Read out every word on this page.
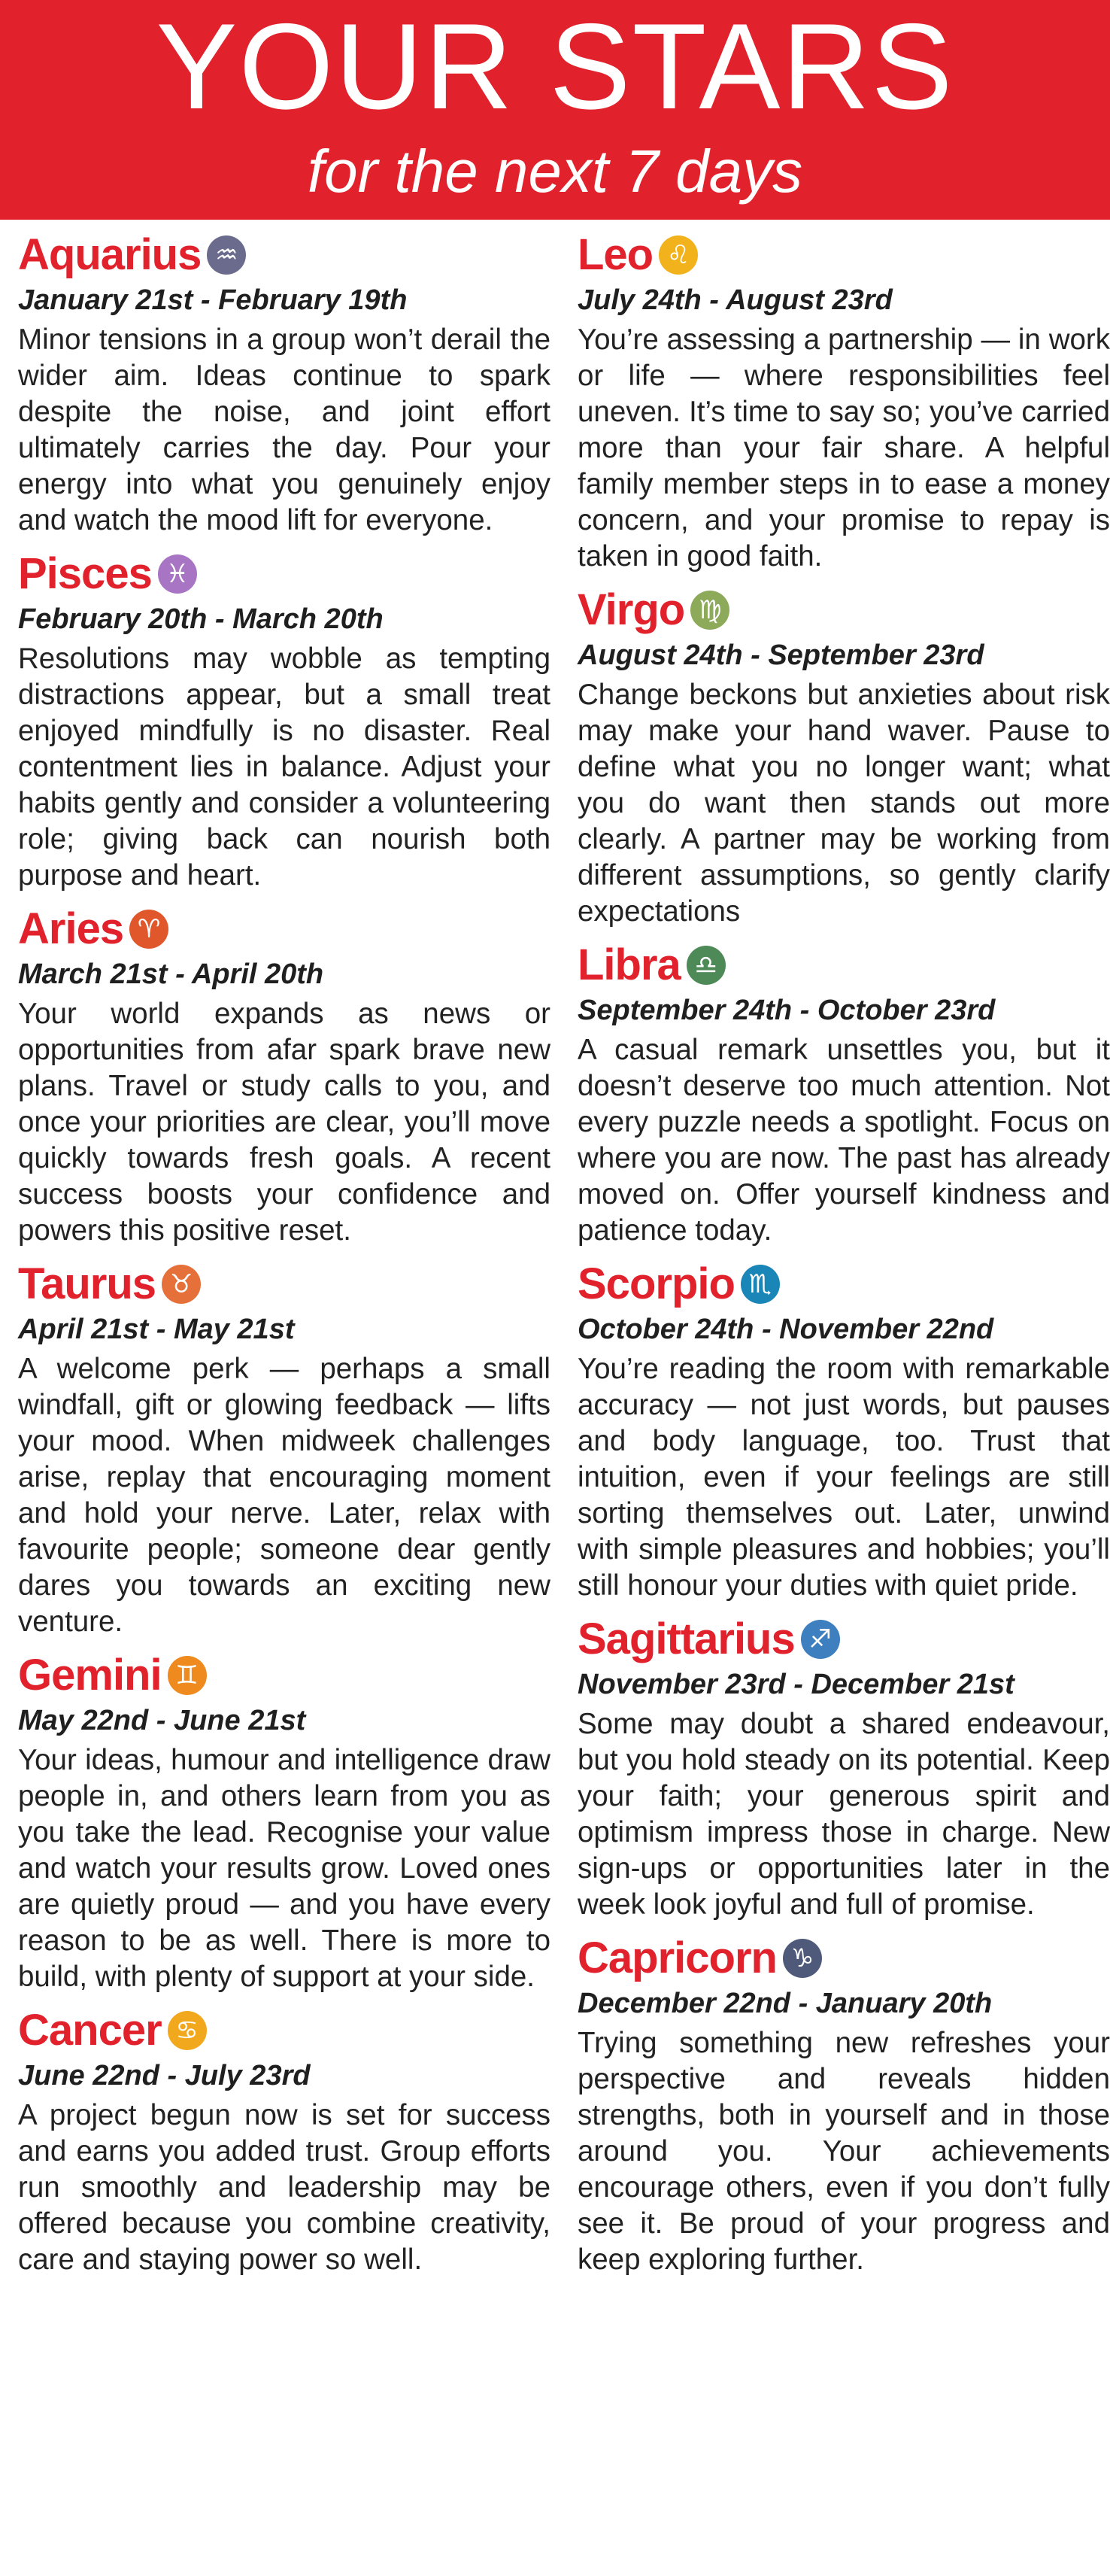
YOUR STARS
for the next 7 days
Aquarius ♒︎
January 21st - February 19th
Minor tensions in a group won’t derail the wider aim. Ideas continue to spark despite the noise, and joint effort ultimately carries the day. Pour your energy into what you genuinely enjoy and watch the mood lift for everyone.
Pisces ♓︎
February 20th - March 20th
Resolutions may wobble as tempting distractions appear, but a small treat enjoyed mindfully is no disaster. Real contentment lies in balance. Adjust your habits gently and consider a volunteering role; giving back can nourish both purpose and heart.
Aries ♈︎
March 21st - April 20th
Your world expands as news or opportunities from afar spark brave new plans. Travel or study calls to you, and once your priorities are clear, you’ll move quickly towards fresh goals. A recent success boosts your confidence and powers this positive reset.
Taurus ♉︎
April 21st - May 21st
A welcome perk — perhaps a small windfall, gift or glowing feedback — lifts your mood. When midweek challenges arise, replay that encouraging moment and hold your nerve. Later, relax with favourite people; someone dear gently dares you towards an exciting new venture.
Gemini ♊︎
May 22nd - June 21st
Your ideas, humour and intelligence draw people in, and others learn from you as you take the lead. Recognise your value and watch your results grow. Loved ones are quietly proud — and you have every reason to be as well. There is more to build, with plenty of support at your side.
Cancer ♋︎
June 22nd - July 23rd
A project begun now is set for success and earns you added trust. Group efforts run smoothly and leadership may be offered because you combine creativity, care and staying power so well.
Leo ♌︎
July 24th - August 23rd
You’re assessing a partnership — in work or life — where responsibilities feel uneven. It’s time to say so; you’ve carried more than your fair share. A helpful family member steps in to ease a money concern, and your promise to repay is taken in good faith.
Virgo ♍︎
August 24th - September 23rd
Change beckons but anxieties about risk may make your hand waver. Pause to define what you no longer want; what you do want then stands out more clearly. A partner may be working from different assumptions, so gently clarify expectations
Libra ♎︎
September 24th - October 23rd
A casual remark unsettles you, but it doesn’t deserve too much attention. Not every puzzle needs a spotlight. Focus on where you are now. The past has already moved on. Offer yourself kindness and patience today.
Scorpio ♏︎
October 24th - November 22nd
You’re reading the room with remarkable accuracy — not just words, but pauses and body language, too. Trust that intuition, even if your feelings are still sorting themselves out. Later, unwind with simple pleasures and hobbies; you’ll still honour your duties with quiet pride.
Sagittarius ♐︎
November 23rd - December 21st
Some may doubt a shared endeavour, but you hold steady on its potential. Keep your faith; your generous spirit and optimism impress those in charge. New sign-ups or opportunities later in the week look joyful and full of promise.
Capricorn ♑︎
December 22nd - January 20th
Trying something new refreshes your perspective and reveals hidden strengths, both in yourself and in those around you. Your achievements encourage others, even if you don’t fully see it. Be proud of your progress and keep exploring further.
